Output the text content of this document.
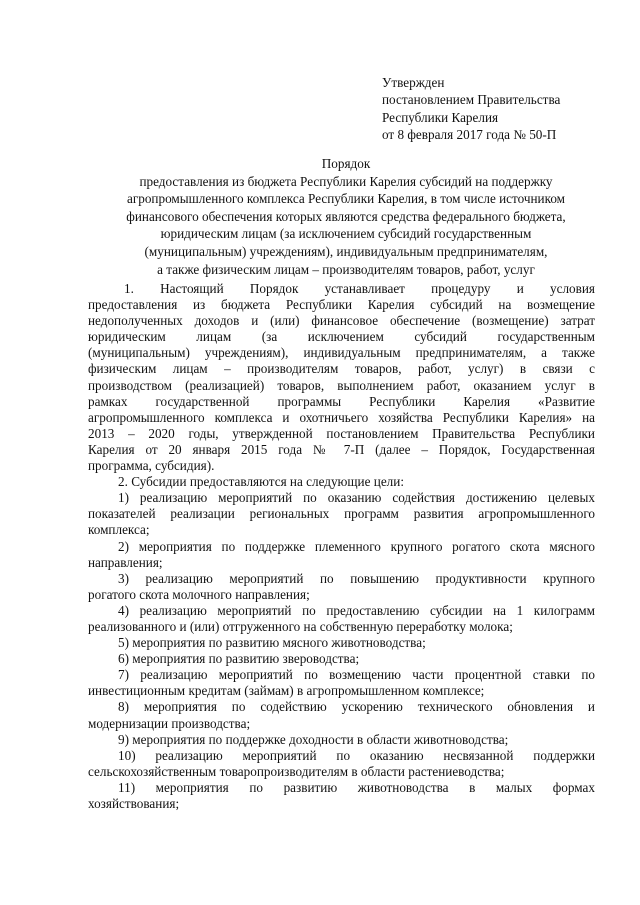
Утвержден
постановлением Правительства
Республики Карелия
от 8 февраля 2017 года № 50-П
Порядок
предоставления из бюджета Республики Карелия субсидий на поддержку
агропромышленного комплекса Республики Карелия, в том числе источником
финансового обеспечения которых являются средства федерального бюджета,
юридическим лицам (за исключением субсидий государственным
(муниципальным) учреждениям), индивидуальным предпринимателям,
а также физическим лицам – производителям товаров, работ, услуг
1. Настоящий Порядок устанавливает процедуру и условия
предоставления из бюджета Республики Карелия субсидий на возмещение
недополученных доходов и (или) финансовое обеспечение (возмещение) затрат
юридическим лицам (за исключением субсидий государственным
(муниципальным) учреждениям), индивидуальным предпринимателям, а также
физическим лицам – производителям товаров, работ, услуг) в связи с
производством (реализацией) товаров, выполнением работ, оказанием услуг в
рамках государственной программы Республики Карелия «Развитие
агропромышленного комплекса и охотничьего хозяйства Республики Карелия» на
2013 – 2020 годы, утвержденной постановлением Правительства Республики
Карелия от 20 января 2015 года № 7-П (далее – Порядок, Государственная
программа, субсидия).
2. Субсидии предоставляются на следующие цели:
1) реализацию мероприятий по оказанию содействия достижению целевых
показателей реализации региональных программ развития агропромышленного
комплекса;
2) мероприятия по поддержке племенного крупного рогатого скота мясного
направления;
3) реализацию мероприятий по повышению продуктивности крупного
рогатого скота молочного направления;
4) реализацию мероприятий по предоставлению субсидии на 1 килограмм
реализованного и (или) отгруженного на собственную переработку молока;
5) мероприятия по развитию мясного животноводства;
6) мероприятия по развитию звероводства;
7) реализацию мероприятий по возмещению части процентной ставки по
инвестиционным кредитам (займам) в агропромышленном комплексе;
8) мероприятия по содействию ускорению технического обновления и
модернизации производства;
9) мероприятия по поддержке доходности в области животноводства;
10) реализацию мероприятий по оказанию несвязанной поддержки
сельскохозяйственным товаропроизводителям в области растениеводства;
11) мероприятия по развитию животноводства в малых формах
хозяйствования;
